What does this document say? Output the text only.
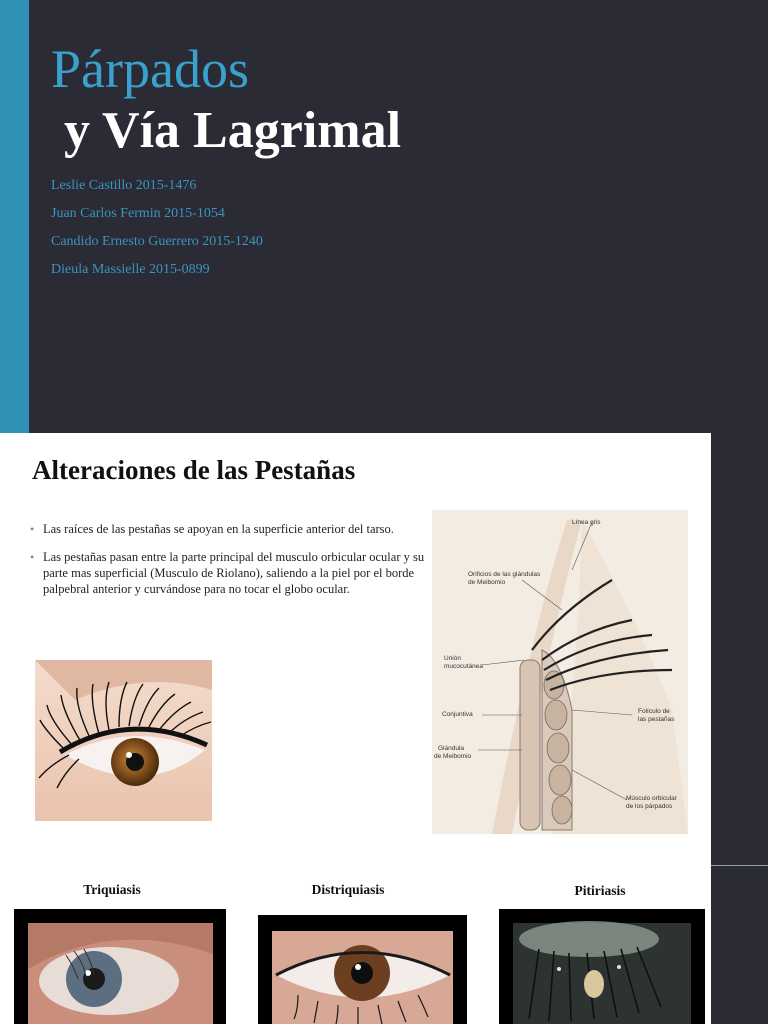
Párpados
y Vía Lagrimal
Leslie Castillo 2015-1476
Juan Carlos Fermin 2015-1054
Candido Ernesto Guerrero 2015-1240
Dieula Massielle 2015-0899
Alteraciones de las Pestañas
• Las raíces de las pestañas se apoyan en la superficie anterior del tarso.
• Las pestañas pasan entre la parte principal del musculo orbicular ocular y su parte mas superficial (Musculo de Riolano), saliendo a la piel por el borde palpebral anterior y curvándose para no tocar el globo ocular.
Línea gris
Orificios de las glándulas
de Meibomio
Unión
mucocutánea
Conjuntiva
Glándula
de Meibomio
Folículo de
las pestañas
Músculo orbicular
de los párpados

Triquiasis	Distriquiasis	Pitiriasis
